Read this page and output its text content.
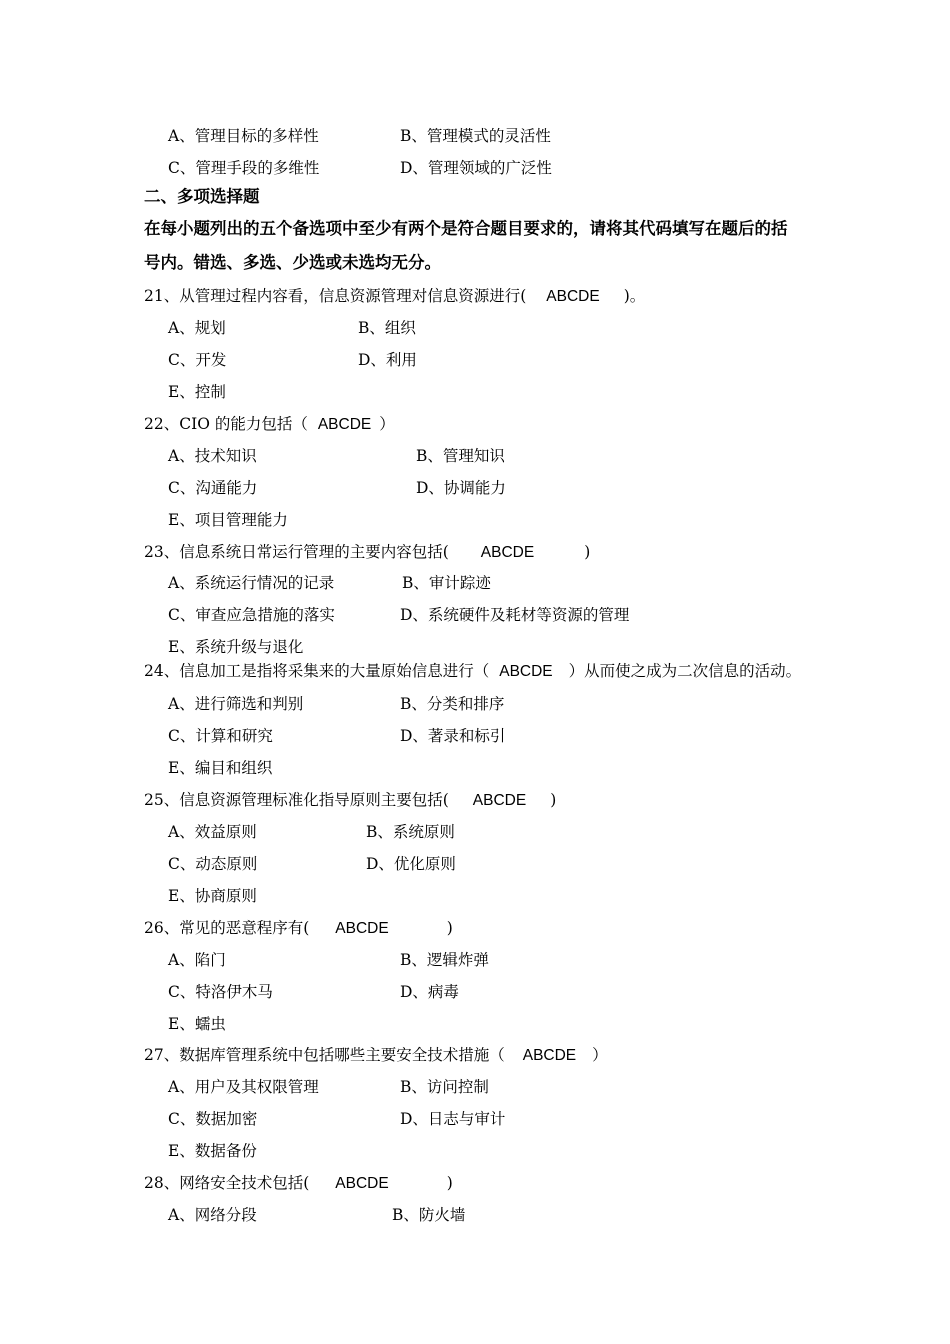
A、管理目标的多样性	B、管理模式的灵活性
C、管理手段的多维性	D、管理领域的广泛性
二、多项选择题
在每小题列出的五个备选项中至少有两个是符合题目要求的，请将其代码填写在题后的括
号内。错选、多选、少选或未选均无分。
21、从管理过程内容看，信息资源管理对信息资源进行( ABCDE )。
A、规划	B、组织
C、开发	D、利用
E、控制
22、CIO 的能力包括（ ABCDE ）
A、技术知识	B、管理知识
C、沟通能力	D、协调能力
E、项目管理能力
23、信息系统日常运行管理的主要内容包括( ABCDE	)
A、系统运行情况的记录	B、审计踪迹
C、审查应急措施的落实	D、系统硬件及耗材等资源的管理
E、系统升级与退化
24、信息加工是指将采集来的大量原始信息进行（ ABCDE ）从而使之成为二次信息的活动。
A、进行筛选和判别	B、分类和排序
C、计算和研究	D、著录和标引
E、编目和组织
25、信息资源管理标准化指导原则主要包括( ABCDE )
A、效益原则	B、系统原则
C、动态原则	D、优化原则
E、协商原则
26、常见的恶意程序有( ABCDE	)
A、陷门	B、逻辑炸弹
C、特洛伊木马	D、病毒
E、蠕虫
27、数据库管理系统中包括哪些主要安全技术措施（ ABCDE ）
A、用户及其权限管理	B、访问控制
C、数据加密	D、日志与审计
E、数据备份
28、网络安全技术包括( ABCDE	)
A、网络分段	B、防火墙
